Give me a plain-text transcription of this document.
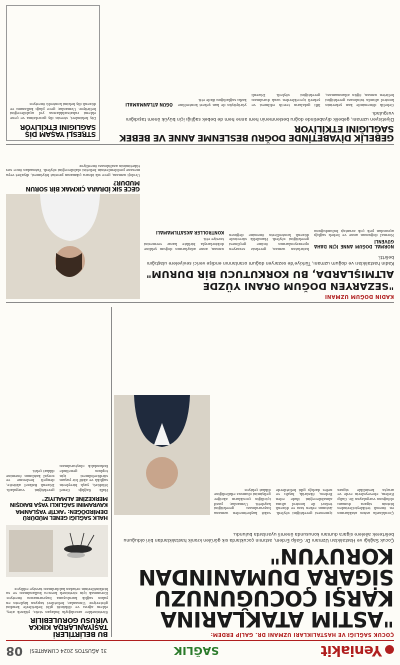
Yeniakit
SAĞLIK
31 AĞUSTOS 2024 CUMARTESİ
08
ÇOCUK SAĞLIĞI VE HASTALIKLARI UZMANI DR. GALİP ERDEM:
"ASTIM ATAKLARINA KARŞI ÇOCUĞUNUZU SİGARA DUMANINDAN KORUYUN"
Çocuk Sağlığı ve Hastalıkları Uzmanı Dr. Galip Erdem, astımın çocuklarda sık görülen kronik hastalıklardan biri olduğunu belirterek ailelere sigara dumanı konusunda önemli uyarılarda bulundu.
BU BELİRTİLERİ TAŞIYANLARDA KIKKA VİRÜSÜ GÖRÜLEBİLİR
Sivrisinekler aracılığıyla bulaşan virüs, yüksek ateş, eklem ağrısı ve döküntü gibi belirtilerle kendini gösteriyor. Uzmanlar, belirtileri taşıyan kişilerin en yakın sağlık kuruluşuna başvurmasını öneriyor. Korunmak için sivrisinek kovucu kullanılması ve su birikintilerinin ortadan kaldırılması tavsiye ediliyor.
Çocuklarda astım ataklarının en önemli tetikleyicilerinden birinin sigara dumanı olduğunu vurgulayan Dr. Galip Erdem, ebeveynlerin evde ve araçta kesinlikle sigara içmemesi gerektiğini söyledi. Astımın erken tanı ve düzenli tedavi ile kontrol altına alınabileceğini ifade eden Erdem, öksürük, hışıltı ve nefes darlığı gibi belirtilerde vakit kaybetmeden uzmana başvurulması gerektiğini kaydetti. Uzmanlar, pasif içiciliğin çocukların akciğer gelişimini olumsuz etkilediğine dikkat çekiyor.
HALK SAĞLIĞI GENEL MÜDÜRÜ DEMİRDÖĞEN: "AKTİF YAŞLANMA KAVRAMINI SAĞLIKLI YAŞA BAKIŞIN MERKEZİNE ALMALIYIZ"
Halk Sağlığı Genel Müdürü, yaşlı bireylerin sağlıklı ve aktif bir yaşam sürdürebilmesi için toplum genelinde farkındalık oluşturulması gerektiğini vurguladı. Düzenli fiziksel aktivite, dengeli beslenme ve sosyal katılımın önemine dikkat çekti.
KADIN DOĞUM UZMANI
"SEZARYEN DOĞUM ORANI YÜZDE ALTMIŞLARDA, BU KORKUTUCU BİR DURUM"
Kadın hastalıkları ve doğum uzmanı, Türkiye'de sezaryen doğum oranlarının endişe verici seviyelere ulaştığını belirtti.
NORMAL DOĞUM ANNE İÇİN DAHA GÜVENLİ
Normal doğumun anne ve bebek sağlığı açısından pek çok avantajı bulunduğunu hatırlatan uzman, gereksiz sezaryen operasyonlarının önüne geçilmesi gerektiğini söyledi. Hamilelik sürecinde düzenli kontrollerin önemine değinen uzman, anne adaylarının doğum şekline doktorlarıyla birlikte karar vermesini tavsiye etti.
KONTROLLER AKSATILMAMALI
GECE SIK İDRARA ÇIKMAK BİR SORUN MUDUR?
Üroloji uzmanı, gece sık idrara çıkmanın prostat büyümesi, diyabet veya mesane problemlerinin belirtisi olabileceğini söyledi. Yatmadan önce sıvı tüketiminin azaltılması öneriliyor.
GEBELİK DİYABETİNDE DOĞRU BESLENME ANNE VE BEBEK SAĞLIĞINI ETKİLİYOR
Diyetisyen uzmanı, gebelik diyabetinde doğru beslenmenin hem anne hem de bebek sağlığı için büyük önem taşıdığını vurguladı.
Gebelik döneminde kan şekerinin kontrol altında tutulması gerektiğini belirten uzman, öğün atlanmaması, lifli gıdaların tercih edilmesi ve şekerli içeceklerden uzak durulması gerektiğini söyledi. Düzenli yürüyüşün de kan şekeri kontrolüne katkı sağladığını ifade etti.
ÖĞÜN ATLANMAMALI
STRESLİ YAŞAM DİŞ SAĞLIĞINI ETKİLİYOR
Diş hekimleri, stresin diş gıcırdatma ve çene eklemi rahatsızlıklarına yol açabileceğini belirtiyor. Uzmanlar, gece plağı kullanımı ve düzenli diş hekimi kontrolü öneriyor.
